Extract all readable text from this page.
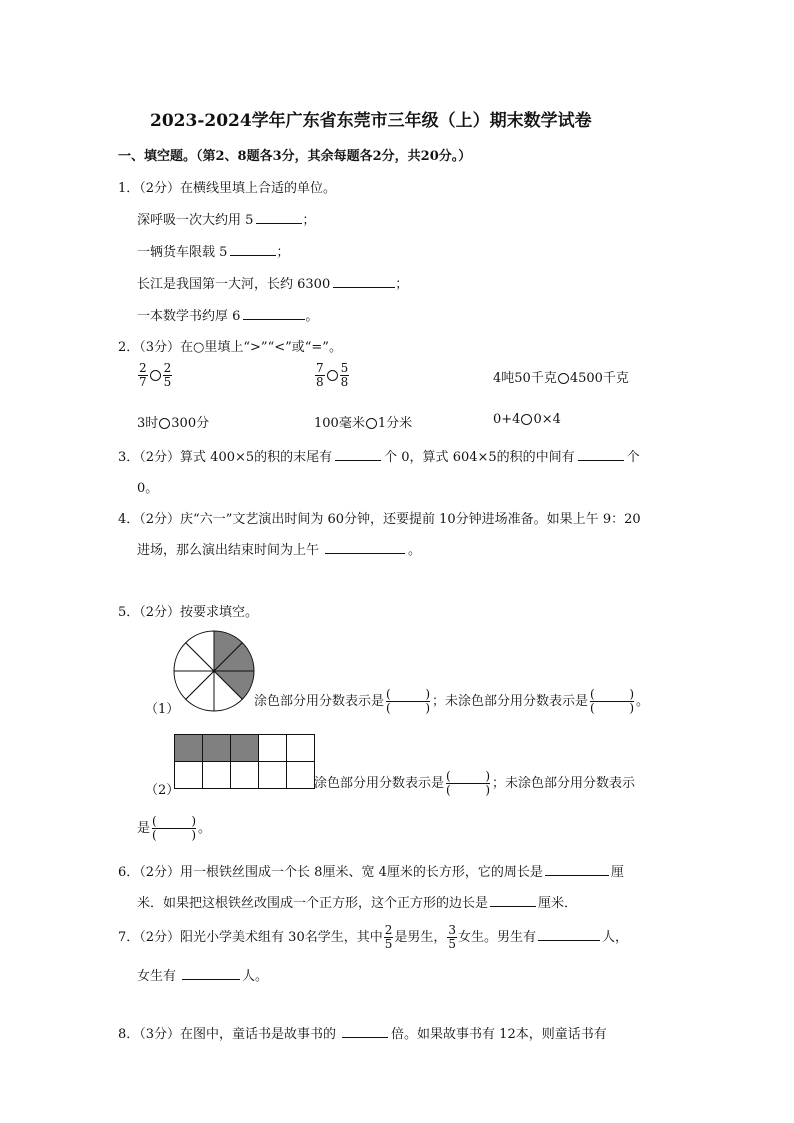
2023-2024学年广东省东莞市三年级（上）期末数学试卷
一、填空题。（第2、8题各3分，其余每题各2分，共20分。）
1．（2分）在横线里填上合适的单位。
深呼吸一次大约用 5	；
一辆货车限载 5	；
长江是我国第一大河，长约 6300	；
一本数学书约厚 6	。
2．（3分）在○里填上“>”“<”或“=”。
$\frac{2}{7} \frac{2}{5}$	$\frac{7}{8} \frac{5}{8}$	4吨50千克 4500千克
3时 300分	100毫米 1分米	0+4 0×4
3．（2分）算式 400×5的积的末尾有	个 0，算式 604×5的积的中间有	个
0。
4．（2分）庆“六一”文艺演出时间为 60分钟，还要提前 10分钟进场准备。如果上午 9：20
进场，那么演出结束时间为上午	。
5．（2分）按要求填空。
（1）
涂色部分用分数表示是 (	)
(	) ；未涂色部分用分数表示是 (	)
(	) 。

（2）	涂色部分用分数表示是 (	)
(	) ；未涂色部分用分数表示
是 (	)
(	) 。
6．（2分）用一根铁丝围成一个长 8厘米、宽 4厘米的长方形，它的周长是	厘
米．如果把这根铁丝改围成一个正方形，这个正方形的边长是	厘米．
7．（2分）阳光小学美术组有 30名学生，其中 $\frac{2}{5}$ 是男生， $\frac{3}{5}$ 女生。男生有	人，
女生有	人。
8．（3分）在图中，童话书是故事书的	倍。如果故事书有 12本，则童话书有
